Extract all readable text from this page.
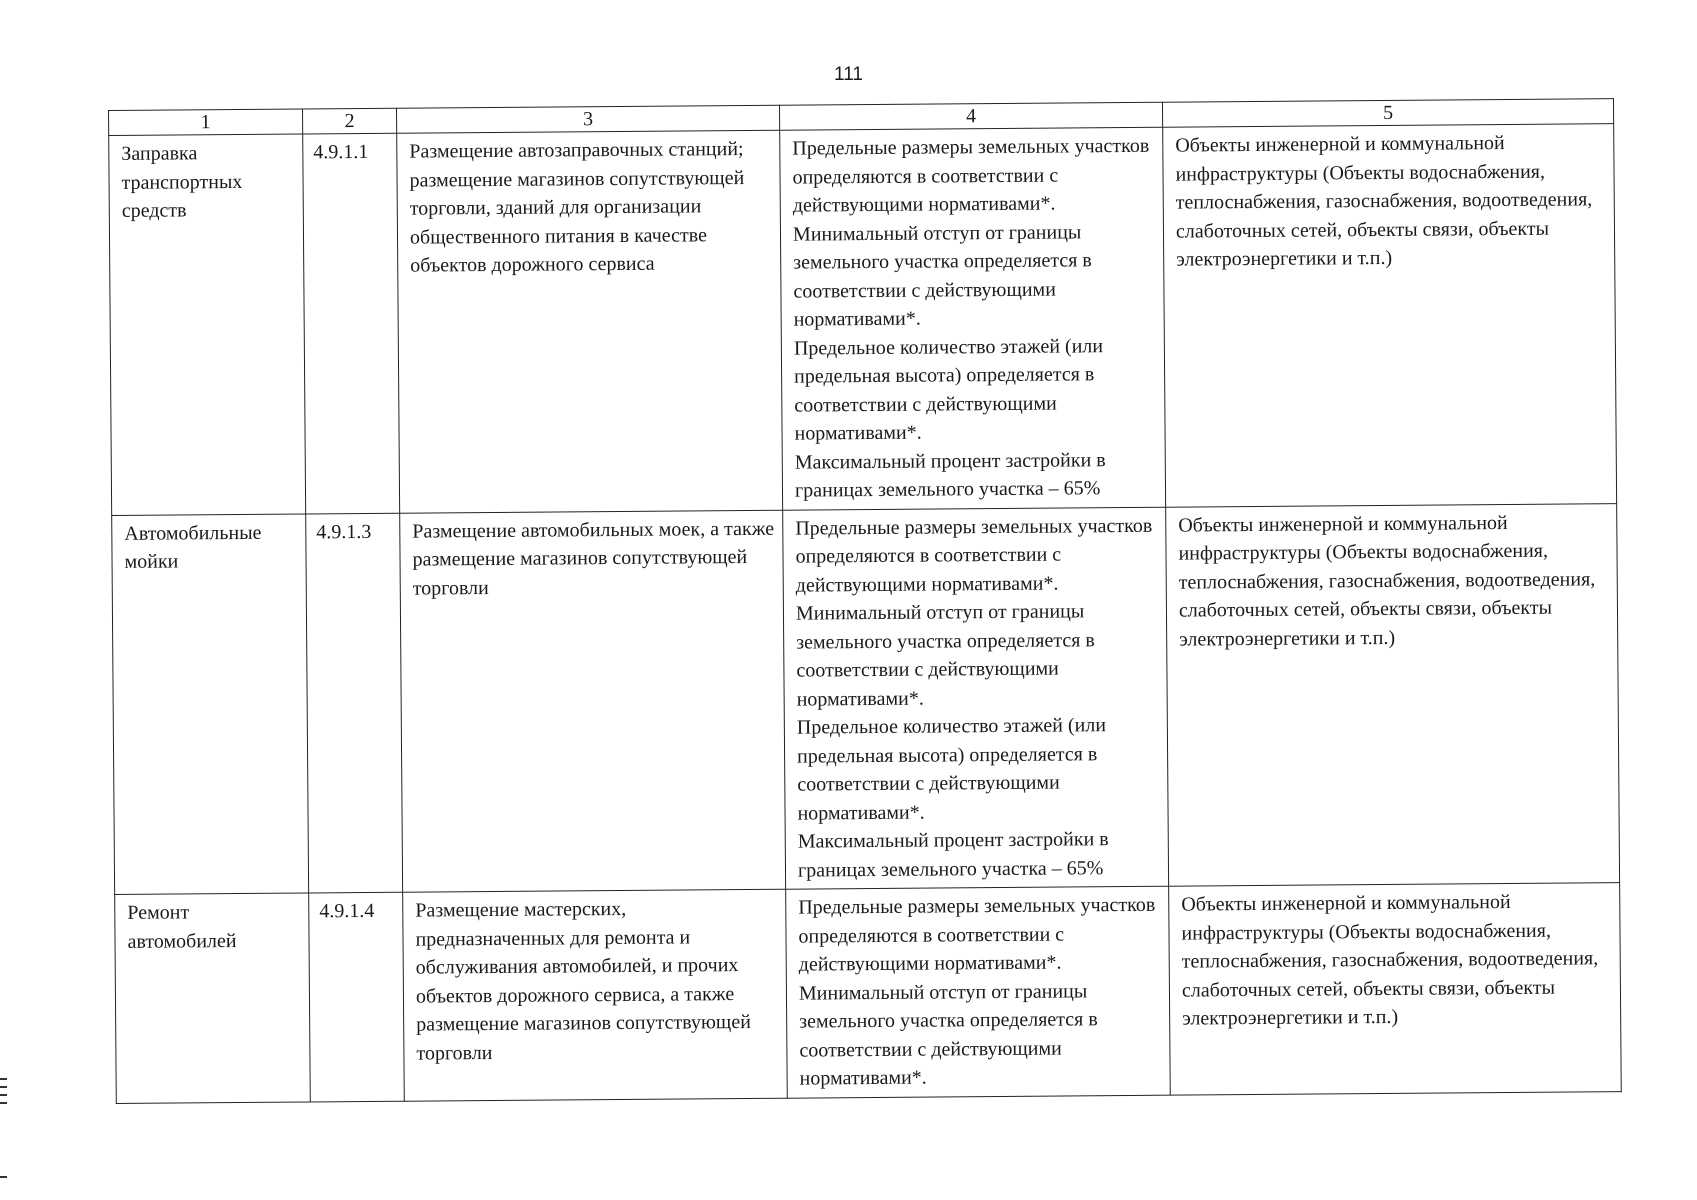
111
1	2	3	4	5
Заправка транспортных средств	4.9.1.1	Размещение автозаправочных станций; размещение магазинов сопутствующей торговли, зданий для организации общественного питания в качестве объектов дорожного сервиса	Предельные размеры земельных участков определяются в соответствии с действующими нормативами*.
Минимальный отступ от границы земельного участка определяется в соответствии с действующими нормативами*.
Предельное количество этажей (или предельная высота) определяется в соответствии с действующими нормативами*.
Максимальный процент застройки в границах земельного участка – 65%	Объекты инженерной и коммунальной инфраструктуры (Объекты водоснабжения, теплоснабжения, газоснабжения, водоотведения, слаботочных сетей, объекты связи, объекты электроэнергетики и т.п.)
Автомобильные мойки	4.9.1.3	Размещение автомобильных моек, а также размещение магазинов сопутствующей торговли	Предельные размеры земельных участков определяются в соответствии с действующими нормативами*.
Минимальный отступ от границы земельного участка определяется в соответствии с действующими нормативами*.
Предельное количество этажей (или предельная высота) определяется в соответствии с действующими нормативами*.
Максимальный процент застройки в границах земельного участка – 65%	Объекты инженерной и коммунальной инфраструктуры (Объекты водоснабжения, теплоснабжения, газоснабжения, водоотведения, слаботочных сетей, объекты связи, объекты электроэнергетики и т.п.)
Ремонт автомобилей	4.9.1.4	Размещение мастерских, предназначенных для ремонта и обслуживания автомобилей, и прочих объектов дорожного сервиса, а также размещение магазинов сопутствующей торговли	Предельные размеры земельных участков определяются в соответствии с действующими нормативами*.
Минимальный отступ от границы земельного участка определяется в соответствии с действующими нормативами*.	Объекты инженерной и коммунальной инфраструктуры (Объекты водоснабжения, теплоснабжения, газоснабжения, водоотведения, слаботочных сетей, объекты связи, объекты электроэнергетики и т.п.)
